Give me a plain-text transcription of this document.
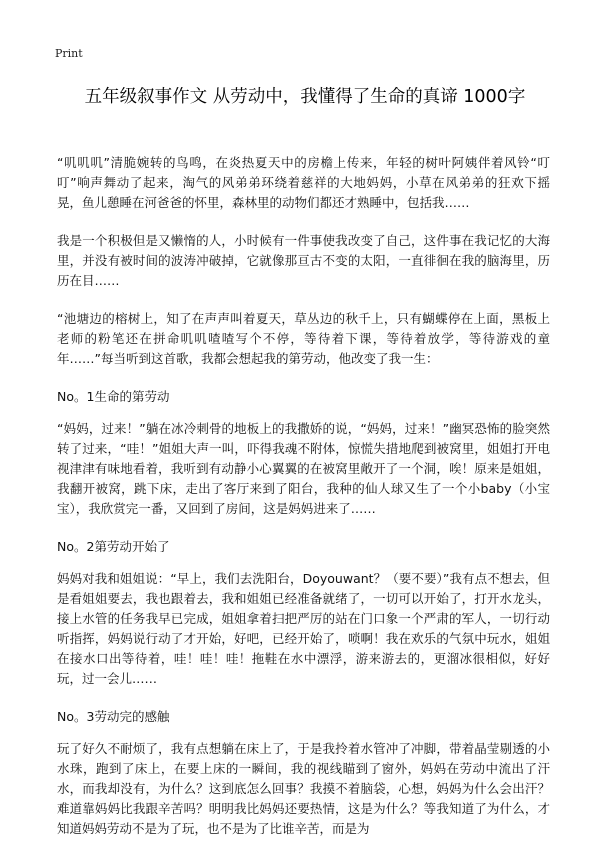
Print
五年级叙事作文 从劳动中，我懂得了生命的真谛 1000字

“叽叽叽”清脆婉转的鸟鸣，在炎热夏天中的房檐上传来，年轻的树叶阿姨伴着风铃“叮叮”响声舞动了起来，淘气的风弟弟环绕着慈祥的大地妈妈，小草在风弟弟的狂欢下摇晃，鱼儿憩睡在河爸爸的怀里，森林里的动物们都还才熟睡中，包括我……

我是一个积极但是又懒惰的人，小时候有一件事使我改变了自己，这件事在我记忆的大海里，并没有被时间的波涛冲破掉，它就像那亘古不变的太阳，一直徘徊在我的脑海里，历历在目……

“池塘边的榕树上，知了在声声叫着夏天，草丛边的秋千上，只有蝴蝶停在上面，黑板上老师的粉笔还在拼命叽叽喳喳写个不停，等待着下课，等待着放学，等待游戏的童年……”每当听到这首歌，我都会想起我的第劳动，他改变了我一生：

No。1生命的第劳动

“妈妈，过来！”躺在冰冷刺骨的地板上的我撒娇的说，“妈妈，过来！”幽冥恐怖的脸突然转了过来，“哇！”姐姐大声一叫，吓得我魂不附体，惊慌失措地爬到被窝里，姐姐打开电视津津有味地看着，我听到有动静小心翼翼的在被窝里敞开了一个洞，唉！原来是姐姐，我翻开被窝，跳下床，走出了客厅来到了阳台，我种的仙人球又生了一个小baby（小宝宝），我欣赏完一番，又回到了房间，这是妈妈进来了……

No。2第劳动开始了

妈妈对我和姐姐说：“早上，我们去洗阳台，Doyouwant？（要不要）”我有点不想去，但是看姐姐要去，我也跟着去，我和姐姐已经准备就绪了，一切可以开始了，打开水龙头，接上水管的任务我早已完成，姐姐拿着扫把严厉的站在门口象一个严肃的军人，一切行动听指挥，妈妈说行动了才开始，好吧，已经开始了，唢啊！我在欢乐的气氛中玩水，姐姐在接水口出等待着，哇！哇！哇！拖鞋在水中漂浮，游来游去的，更溜冰很相似，好好玩，过一会儿……

No。3劳动完的感触

玩了好久不耐烦了，我有点想躺在床上了，于是我拎着水管冲了冲脚，带着晶莹剔透的小水珠，跑到了床上，在要上床的一瞬间，我的视线瞄到了窗外，妈妈在劳动中流出了汗水，而我却没有，为什么？这到底怎么回事？我摸不着脑袋，心想，妈妈为什么会出汗？难道靠妈妈比我跟辛苦吗？明明我比妈妈还要热情，这是为什么？等我知道了为什么，才知道妈妈劳动不是为了玩，也不是为了比谁辛苦，而是为
